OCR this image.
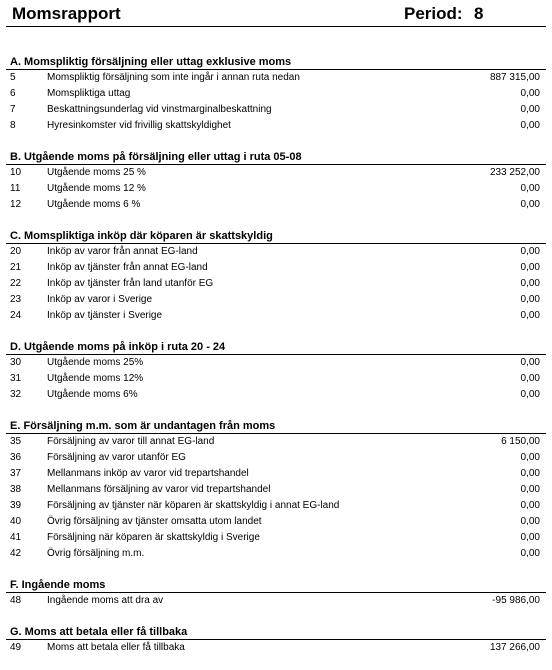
Momsrapport	Period: 8
A. Momspliktig försäljning eller uttag exklusive moms
5	Momspliktig försäljning som inte ingår i annan ruta nedan	887 315,00
6	Momspliktiga uttag	0,00
7	Beskattningsunderlag vid vinstmarginalbeskattning	0,00
8	Hyresinkomster vid frivillig skattskyldighet	0,00
B. Utgående moms på försäljning eller uttag i ruta 05-08
10	Utgående moms 25 %	233 252,00
11	Utgående moms 12 %	0,00
12	Utgående moms 6 %	0,00
C. Momspliktiga inköp där köparen är skattskyldig
20	Inköp av varor från annat EG-land	0,00
21	Inköp av tjänster från annat EG-land	0,00
22	Inköp av tjänster från land utanför EG	0,00
23	Inköp av varor i Sverige	0,00
24	Inköp av tjänster i Sverige	0,00
D. Utgående moms på inköp i ruta 20 - 24
30	Utgående moms 25%	0,00
31	Utgående moms 12%	0,00
32	Utgående moms 6%	0,00
E. Försäljning m.m. som är undantagen från moms
35	Försäljning av varor till annat EG-land	6 150,00
36	Försäljning av varor utanför EG	0,00
37	Mellanmans inköp av varor vid trepartshandel	0,00
38	Mellanmans försäljning av varor vid trepartshandel	0,00
39	Försäljning av tjänster när köparen är skattskyldig i annat EG-land	0,00
40	Övrig försäljning av tjänster omsatta utom landet	0,00
41	Försäljning när köparen är skattskyldig i Sverige	0,00
42	Övrig försäljning m.m.	0,00
F. Ingående moms
48	Ingående moms att dra av	-95 986,00
G. Moms att betala eller få tillbaka
49	Moms att betala eller få tillbaka	137 266,00
